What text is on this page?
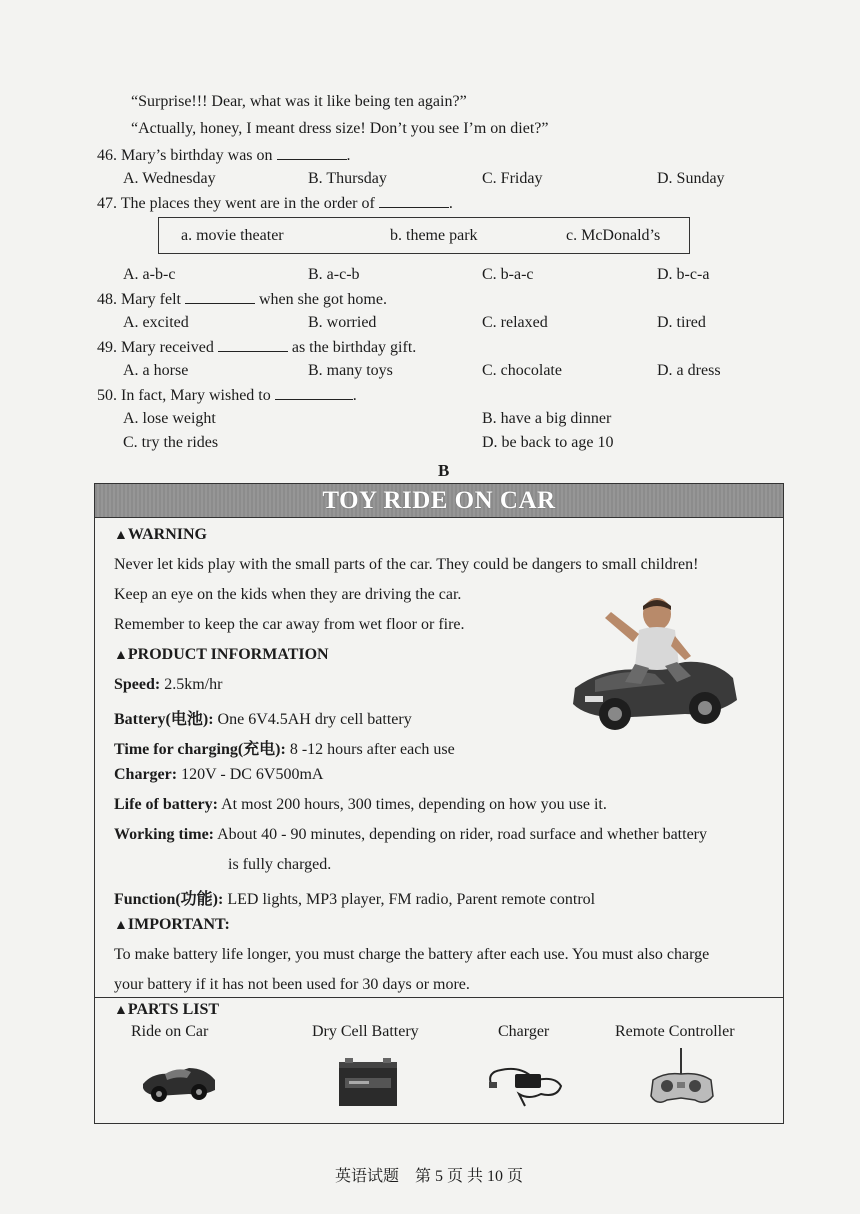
“Surprise!!! Dear, what was it like being ten again?”
“Actually, honey, I meant dress size! Don’t you see I’m on diet?”
46. Mary’s birthday was on	.
A. Wednesday	B. Thursday	C. Friday	D. Sunday
47. The places they went are in the order of	.
a. movie theater	b. theme park	c. McDonald’s
A. a-b-c	B. a-c-b	C. b-a-c	D. b-c-a
48. Mary felt	when she got home.
A. excited	B. worried	C. relaxed	D. tired
49. Mary received	as the birthday gift.
A. a horse	B. many toys	C. chocolate	D. a dress
50. In fact, Mary wished to	.
A. lose weight	B. have a big dinner
C. try the rides	D. be back to age 10
B
TOY RIDE ON CAR
▲WARNING
Never let kids play with the small parts of the car. They could be dangers to small children!
Keep an eye on the kids when they are driving the car.
Remember to keep the car away from wet floor or fire.
▲PRODUCT INFORMATION
Speed: 2.5km/hr
Battery(电池): One 6V4.5AH dry cell battery
Time for charging(充电): 8 -12 hours after each use
Charger: 120V - DC 6V500mA
Life of battery: At most 200 hours, 300 times, depending on how you use it.
Working time: About 40 - 90 minutes, depending on rider, road surface and whether battery
is fully charged.
Function(功能): LED lights, MP3 player, FM radio, Parent remote control
▲IMPORTANT:
To make battery life longer, you must charge the battery after each use. You must also charge
your battery if it has not been used for 30 days or more.
▲PARTS LIST
Ride on Car	Dry Cell Battery	Charger	Remote Controller
英语试题　第 5 页 共 10 页
